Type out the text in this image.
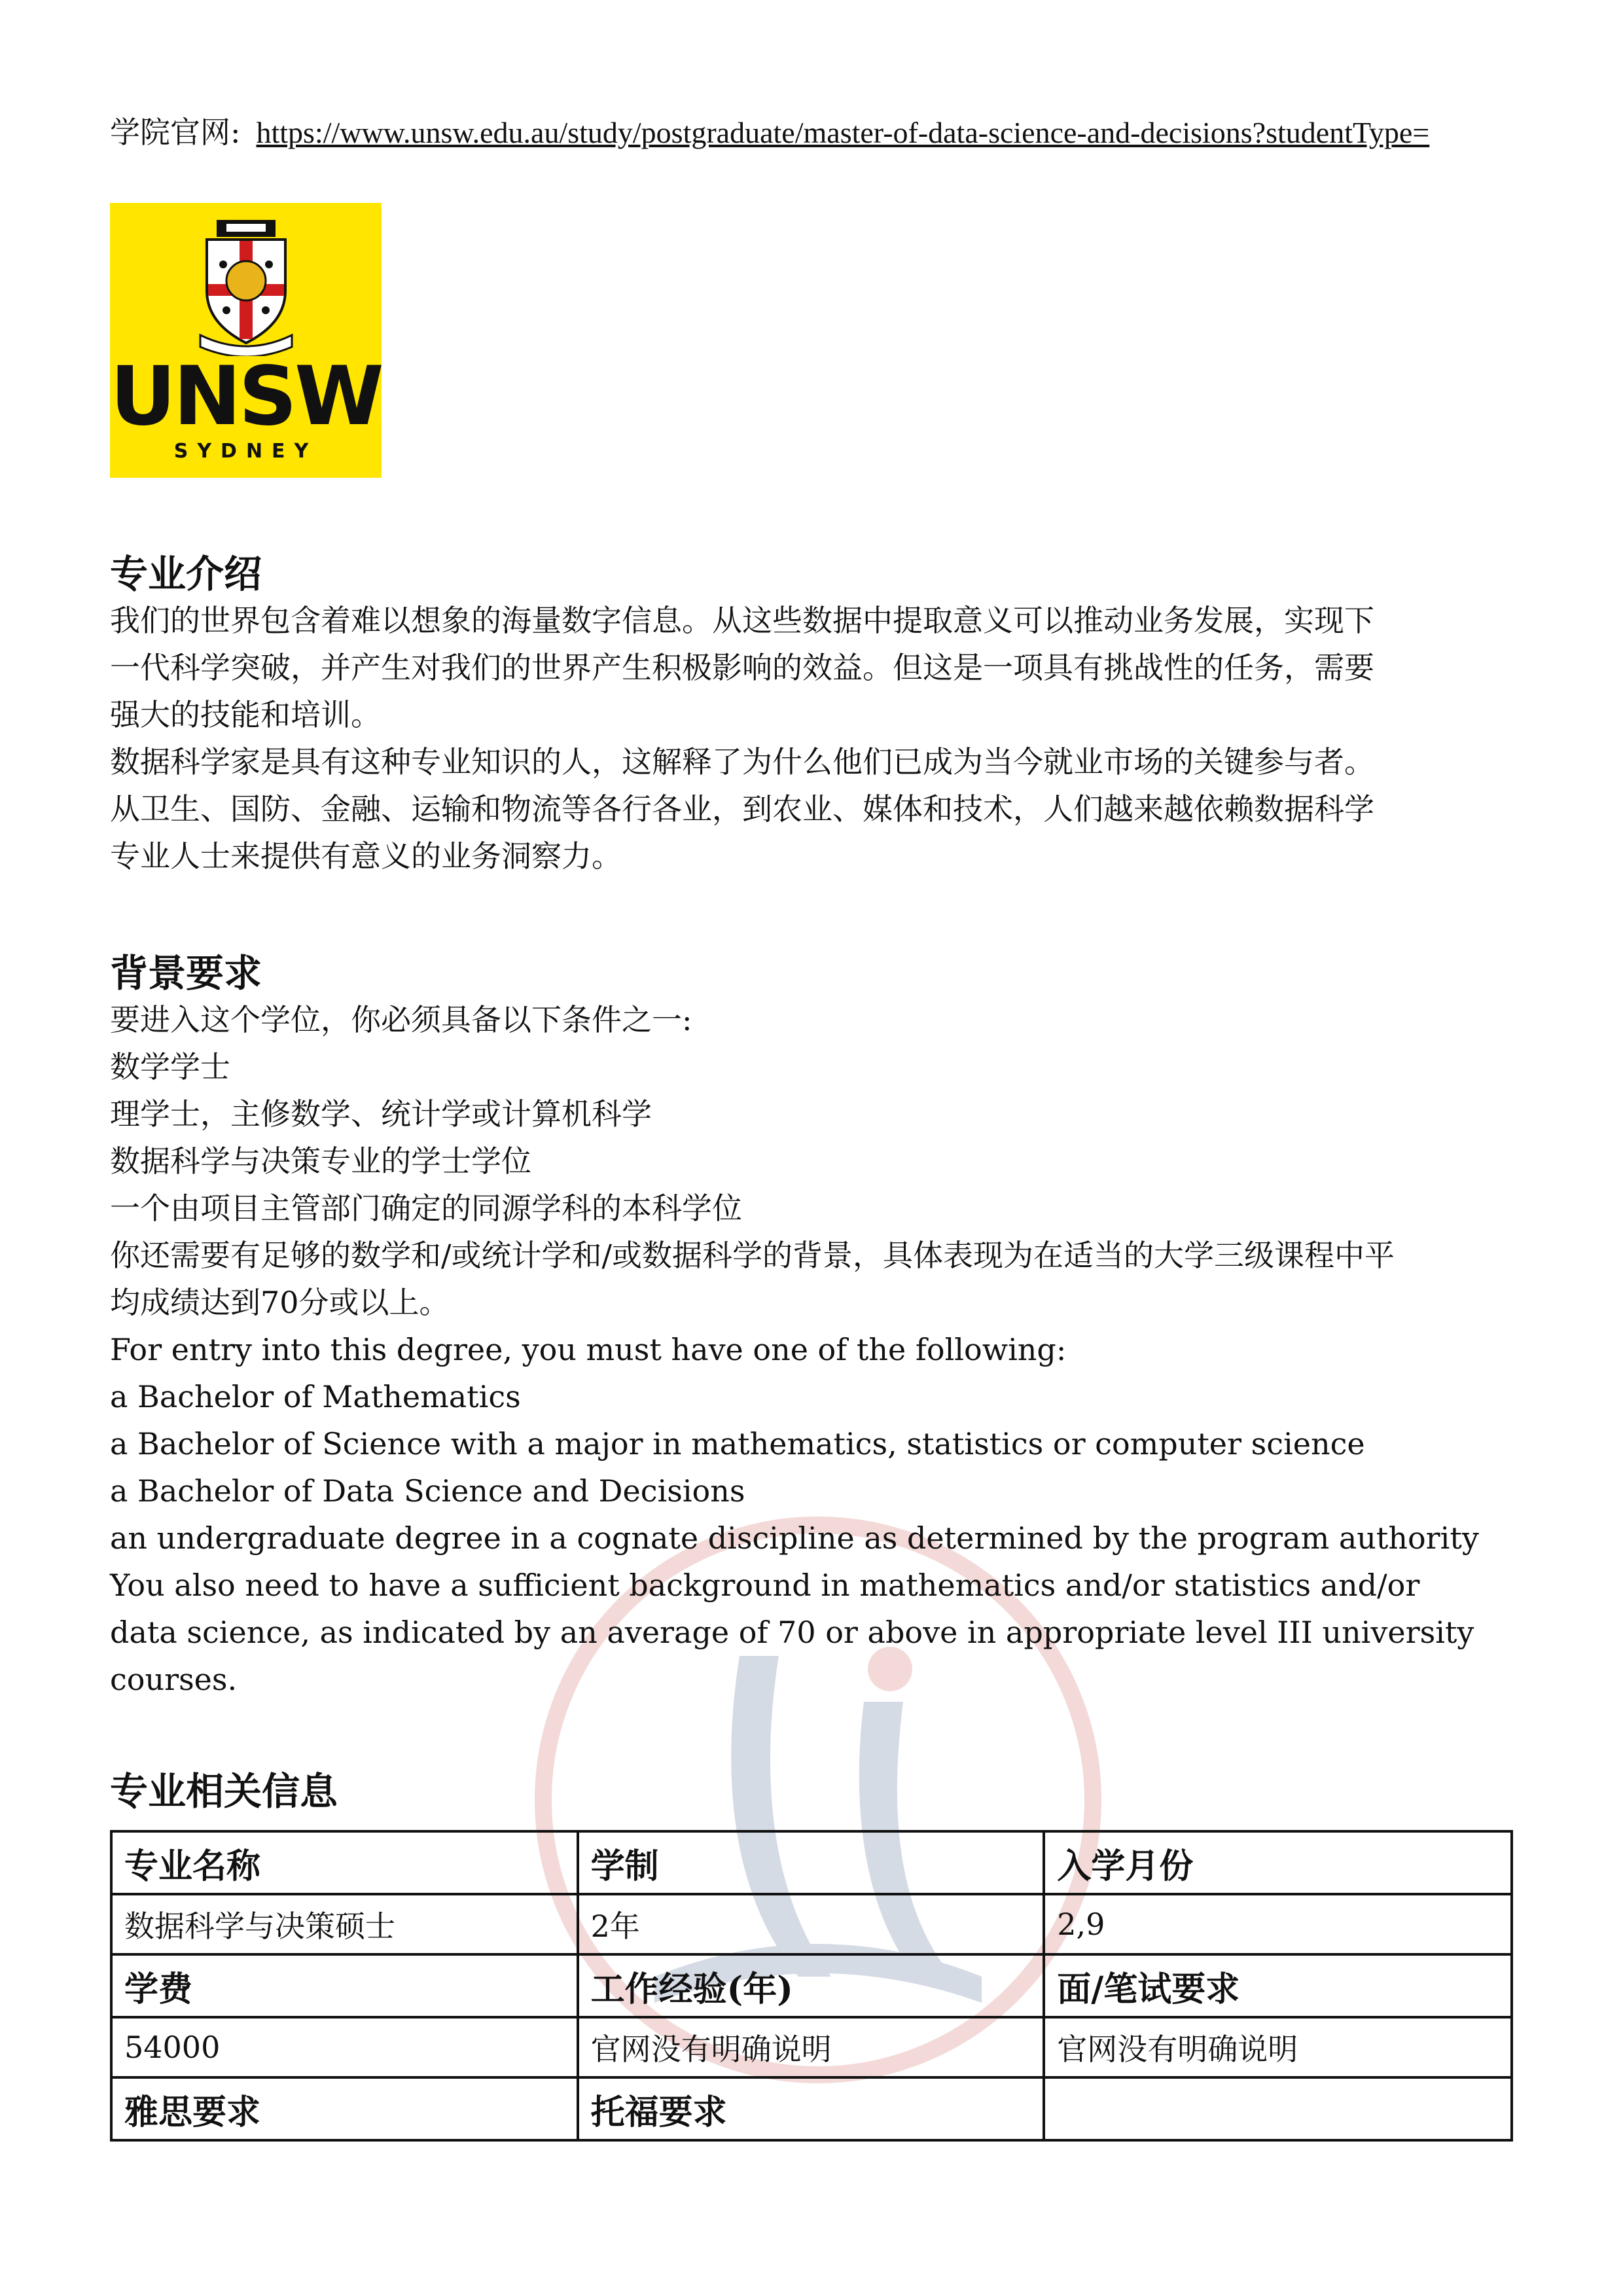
学院官网: https://www.unsw.edu.au/study/postgraduate/master-of-data-science-and-decisions?studentType=
UNSW
SYDNEY
专业介绍
我们的世界包含着难以想象的海量数字信息。从这些数据中提取意义可以推动业务发展，实现下
一代科学突破，并产生对我们的世界产生积极影响的效益。但这是一项具有挑战性的任务，需要
强大的技能和培训。
数据科学家是具有这种专业知识的人，这解释了为什么他们已成为当今就业市场的关键参与者。
从卫生、国防、金融、运输和物流等各行各业，到农业、媒体和技术，人们越来越依赖数据科学
专业人士来提供有意义的业务洞察力。
背景要求
要进入这个学位，你必须具备以下条件之一:
数学学士
理学士，主修数学、统计学或计算机科学
数据科学与决策专业的学士学位
一个由项目主管部门确定的同源学科的本科学位
你还需要有足够的数学和/或统计学和/或数据科学的背景，具体表现为在适当的大学三级课程中平
均成绩达到70分或以上。
For entry into this degree, you must have one of the following:
a Bachelor of Mathematics
a Bachelor of Science with a major in mathematics, statistics or computer science
a Bachelor of Data Science and Decisions
an undergraduate degree in a cognate discipline as determined by the program authority
You also need to have a sufficient background in mathematics and/or statistics and/or
data science, as indicated by an average of 70 or above in appropriate level III university
courses.
专业相关信息
专业名称	学制	入学月份
数据科学与决策硕士	2年	2,9
学费	工作经验(年)	面/笔试要求
54000	官网没有明确说明	官网没有明确说明
雅思要求	托福要求	
